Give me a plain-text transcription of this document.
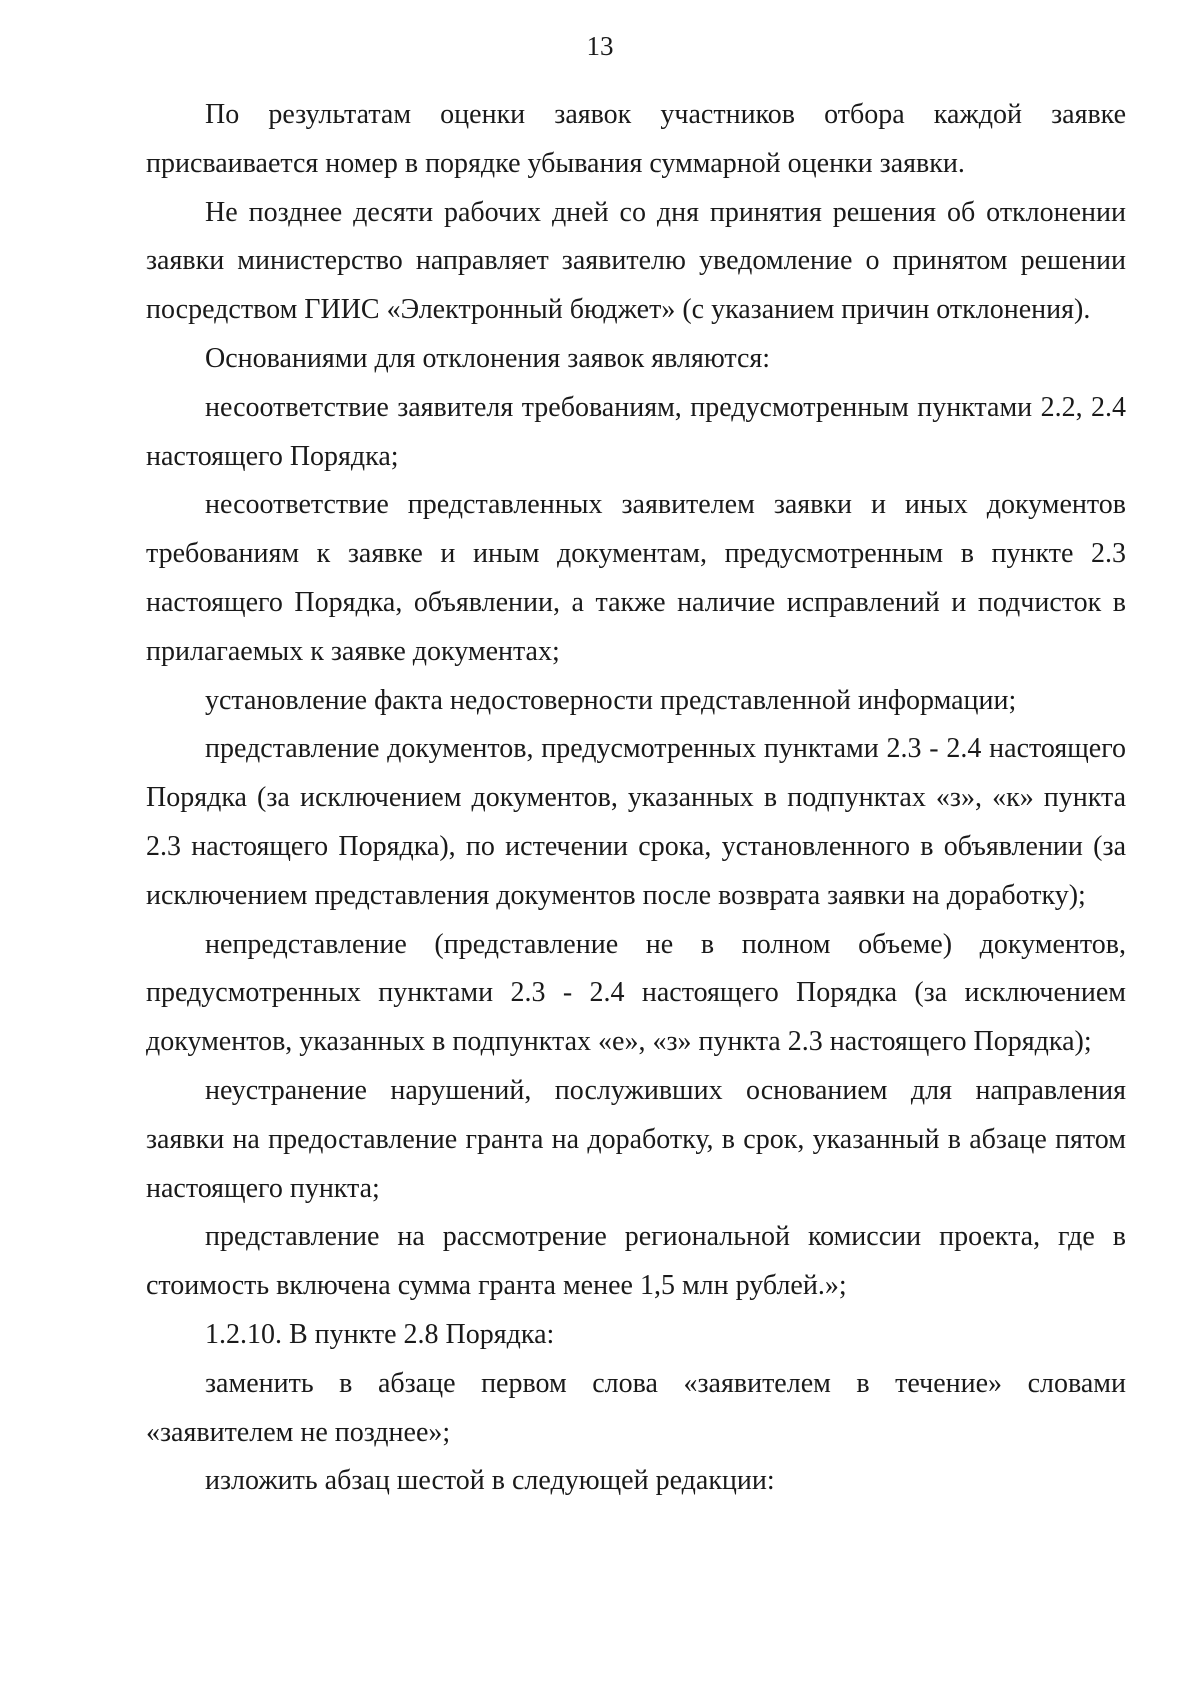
13

По результатам оценки заявок участников отбора каждой заявке присваивается номер в порядке убывания суммарной оценки заявки.

Не позднее десяти рабочих дней со дня принятия решения об отклонении заявки министерство направляет заявителю уведомление о принятом решении посредством ГИИС «Электронный бюджет» (с указанием причин отклонения).

Основаниями для отклонения заявок являются:

несоответствие заявителя требованиям, предусмотренным пунктами 2.2, 2.4 настоящего Порядка;

несоответствие представленных заявителем заявки и иных документов требованиям к заявке и иным документам, предусмотренным в пункте 2.3 настоящего Порядка, объявлении, а также наличие исправлений и подчисток в прилагаемых к заявке документах;

установление факта недостоверности представленной информации;

представление документов, предусмотренных пунктами 2.3 - 2.4 настоящего Порядка (за исключением документов, указанных в подпунктах «з», «к» пункта 2.3 настоящего Порядка), по истечении срока, установленного в объявлении (за исключением представления документов после возврата заявки на доработку);

непредставление (представление не в полном объеме) документов, предусмотренных пунктами 2.3 - 2.4 настоящего Порядка (за исключением документов, указанных в подпунктах «е», «з» пункта 2.3 настоящего Порядка);

неустранение нарушений, послуживших основанием для направления заявки на предоставление гранта на доработку, в срок, указанный в абзаце пятом настоящего пункта;

представление на рассмотрение региональной комиссии проекта, где в стоимость включена сумма гранта менее 1,5 млн рублей.»;

1.2.10. В пункте 2.8 Порядка:

заменить в абзаце первом слова «заявителем в течение» словами «заявителем не позднее»;

изложить абзац шестой в следующей редакции:
